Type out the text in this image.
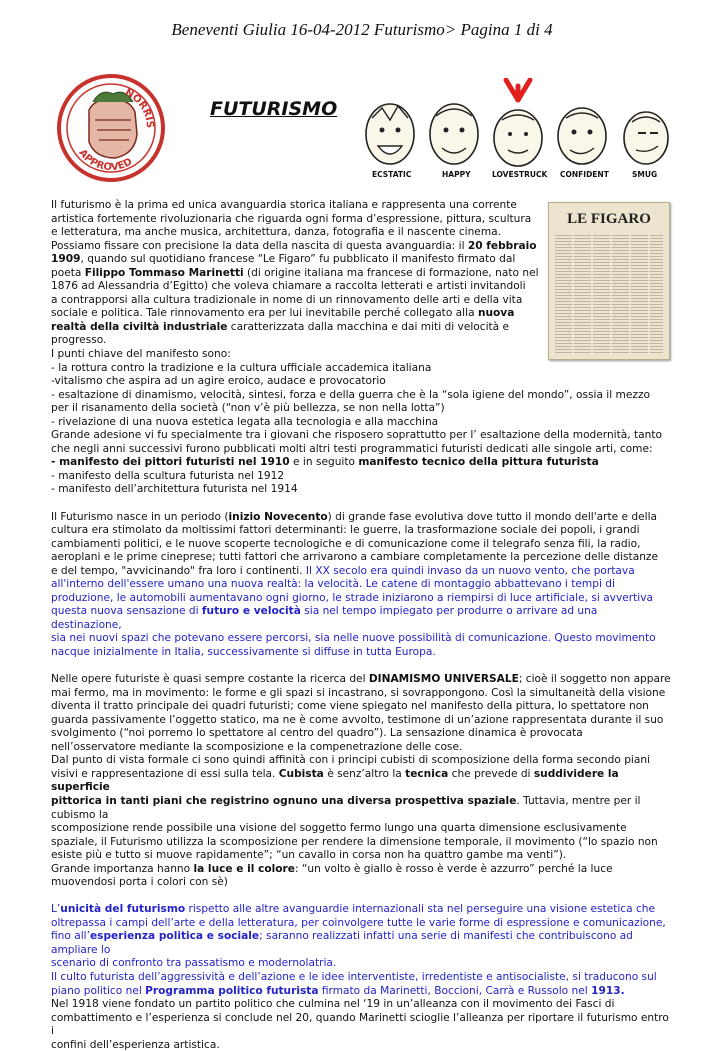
Beneventi Giulia 16-04-2012 Futurismo> Pagina 1 di 4
NORRIS
APPROVED
FUTURISMO
ECSTATIC	HAPPY	LOVESTRUCK CONFIDENT	SMUG
LE FIGARO

Il futurismo è la prima ed unica avanguardia storica italiana e rappresenta una corrente

artistica fortemente rivoluzionaria che riguarda ogni forma d’espressione, pittura, scultura

e letteratura, ma anche musica, architettura, danza, fotografia e il nascente cinema.

Possiamo fissare con precisione la data della nascita di questa avanguardia: il 20 febbraio

1909, quando sul quotidiano francese “Le Figaro” fu pubblicato il manifesto firmato dal

poeta Filippo Tommaso Marinetti (di origine italiana ma francese di formazione, nato nel

1876 ad Alessandria d’Egitto) che voleva chiamare a raccolta letterati e artisti invitandoli

a contrapporsi alla cultura tradizionale in nome di un rinnovamento delle arti e della vita

sociale e politica. Tale rinnovamento era per lui inevitabile perché collegato alla nuova

realtà della civiltà industriale caratterizzata dalla macchina e dai miti di velocità e

progresso.

I punti chiave del manifesto sono:

- la rottura contro la tradizione e la cultura ufficiale accademica italiana

-vitalismo che aspira ad un agire eroico, audace e provocatorio

- esaltazione di dinamismo, velocità, sintesi, forza e della guerra che è la “sola igiene del mondo”, ossia il mezzo

per il risanamento della società (“non v’è più bellezza, se non nella lotta”)

- rivelazione di una nuova estetica legata alla tecnologia e alla macchina

Grande adesione vi fu specialmente tra i giovani che risposero soprattutto per l’ esaltazione della modernità, tanto

che negli anni successivi furono pubblicati molti altri testi programmatici futuristi dedicati alle singole arti, come:

- manifesto dei pittori futuristi nel 1910 e in seguito manifesto tecnico della pittura futurista

- manifesto della scultura futurista nel 1912

- manifesto dell’architettura futurista nel 1914

Il Futurismo nasce in un periodo (inizio Novecento) di grande fase evolutiva dove tutto il mondo dell'arte e della

cultura era stimolato da moltissimi fattori determinanti: le guerre, la trasformazione sociale dei popoli, i grandi

cambiamenti politici, e le nuove scoperte tecnologiche e di comunicazione come il telegrafo senza fili, la radio,

aeroplani e le prime cineprese; tutti fattori che arrivarono a cambiare completamente la percezione delle distanze

e del tempo, "avvicinando" fra loro i continenti. Il XX secolo era quindi invaso da un nuovo vento, che portava

all'interno dell'essere umano una nuova realtà: la velocità. Le catene di montaggio abbattevano i tempi di

produzione, le automobili aumentavano ogni giorno, le strade iniziarono a riempirsi di luce artificiale, si avvertiva

questa nuova sensazione di futuro e velocità sia nel tempo impiegato per produrre o arrivare ad una destinazione,

sia nei nuovi spazi che potevano essere percorsi, sia nelle nuove possibilità di comunicazione. Questo movimento

nacque inizialmente in Italia, successivamente si diffuse in tutta Europa.

Nelle opere futuriste è quasi sempre costante la ricerca del DINAMISMO UNIVERSALE; cioè il soggetto non appare

mai fermo, ma in movimento: le forme e gli spazi si incastrano, si sovrappongono. Così la simultaneità della visione

diventa il tratto principale dei quadri futuristi; come viene spiegato nel manifesto della pittura, lo spettatore non

guarda passivamente l’oggetto statico, ma ne è come avvolto, testimone di un’azione rappresentata durante il suo

svolgimento (“noi porremo lo spettatore al centro del quadro”). La sensazione dinamica è provocata

nell’osservatore mediante la scomposizione e la compenetrazione delle cose.

Dal punto di vista formale ci sono quindi affinità con i principi cubisti di scomposizione della forma secondo piani

visivi e rappresentazione di essi sulla tela. Cubista è senz’altro la tecnica che prevede di suddividere la superficie

pittorica in tanti piani che registrino ognuno una diversa prospettiva spaziale. Tuttavia, mentre per il cubismo la

scomposizione rende possibile una visione del soggetto fermo lungo una quarta dimensione esclusivamente

spaziale, il Futurismo utilizza la scomposizione per rendere la dimensione temporale, il movimento (“lo spazio non

esiste più e tutto si muove rapidamente”; “un cavallo in corsa non ha quattro gambe ma venti”).

Grande importanza hanno la luce e il colore: “un volto è giallo è rosso è verde è azzurro” perché la luce

muovendosi porta i colori con sè)

L’unicità del futurismo rispetto alle altre avanguardie internazionali sta nel perseguire una visione estetica che

oltrepassa i campi dell’arte e della letteratura, per coinvolgere tutte le varie forme di espressione e comunicazione,

fino all’esperienza politica e sociale; saranno realizzati infatti una serie di manifesti che contribuiscono ad ampliare lo

scenario di confronto tra passatismo e modernolatria.

Il culto futurista dell’aggressività e dell’azione e le idee interventiste, irredentiste e antisocialiste, si traducono sul

piano politico nel Programma politico futurista firmato da Marinetti, Boccioni, Carrà e Russolo nel 1913.

Nel 1918 viene fondato un partito politico che culmina nel ‘19 in un’alleanza con il movimento dei Fasci di

combattimento e l’esperienza si conclude nel 20, quando Marinetti scioglie l’alleanza per riportare il futurismo entro i

confini dell’esperienza artistica.
